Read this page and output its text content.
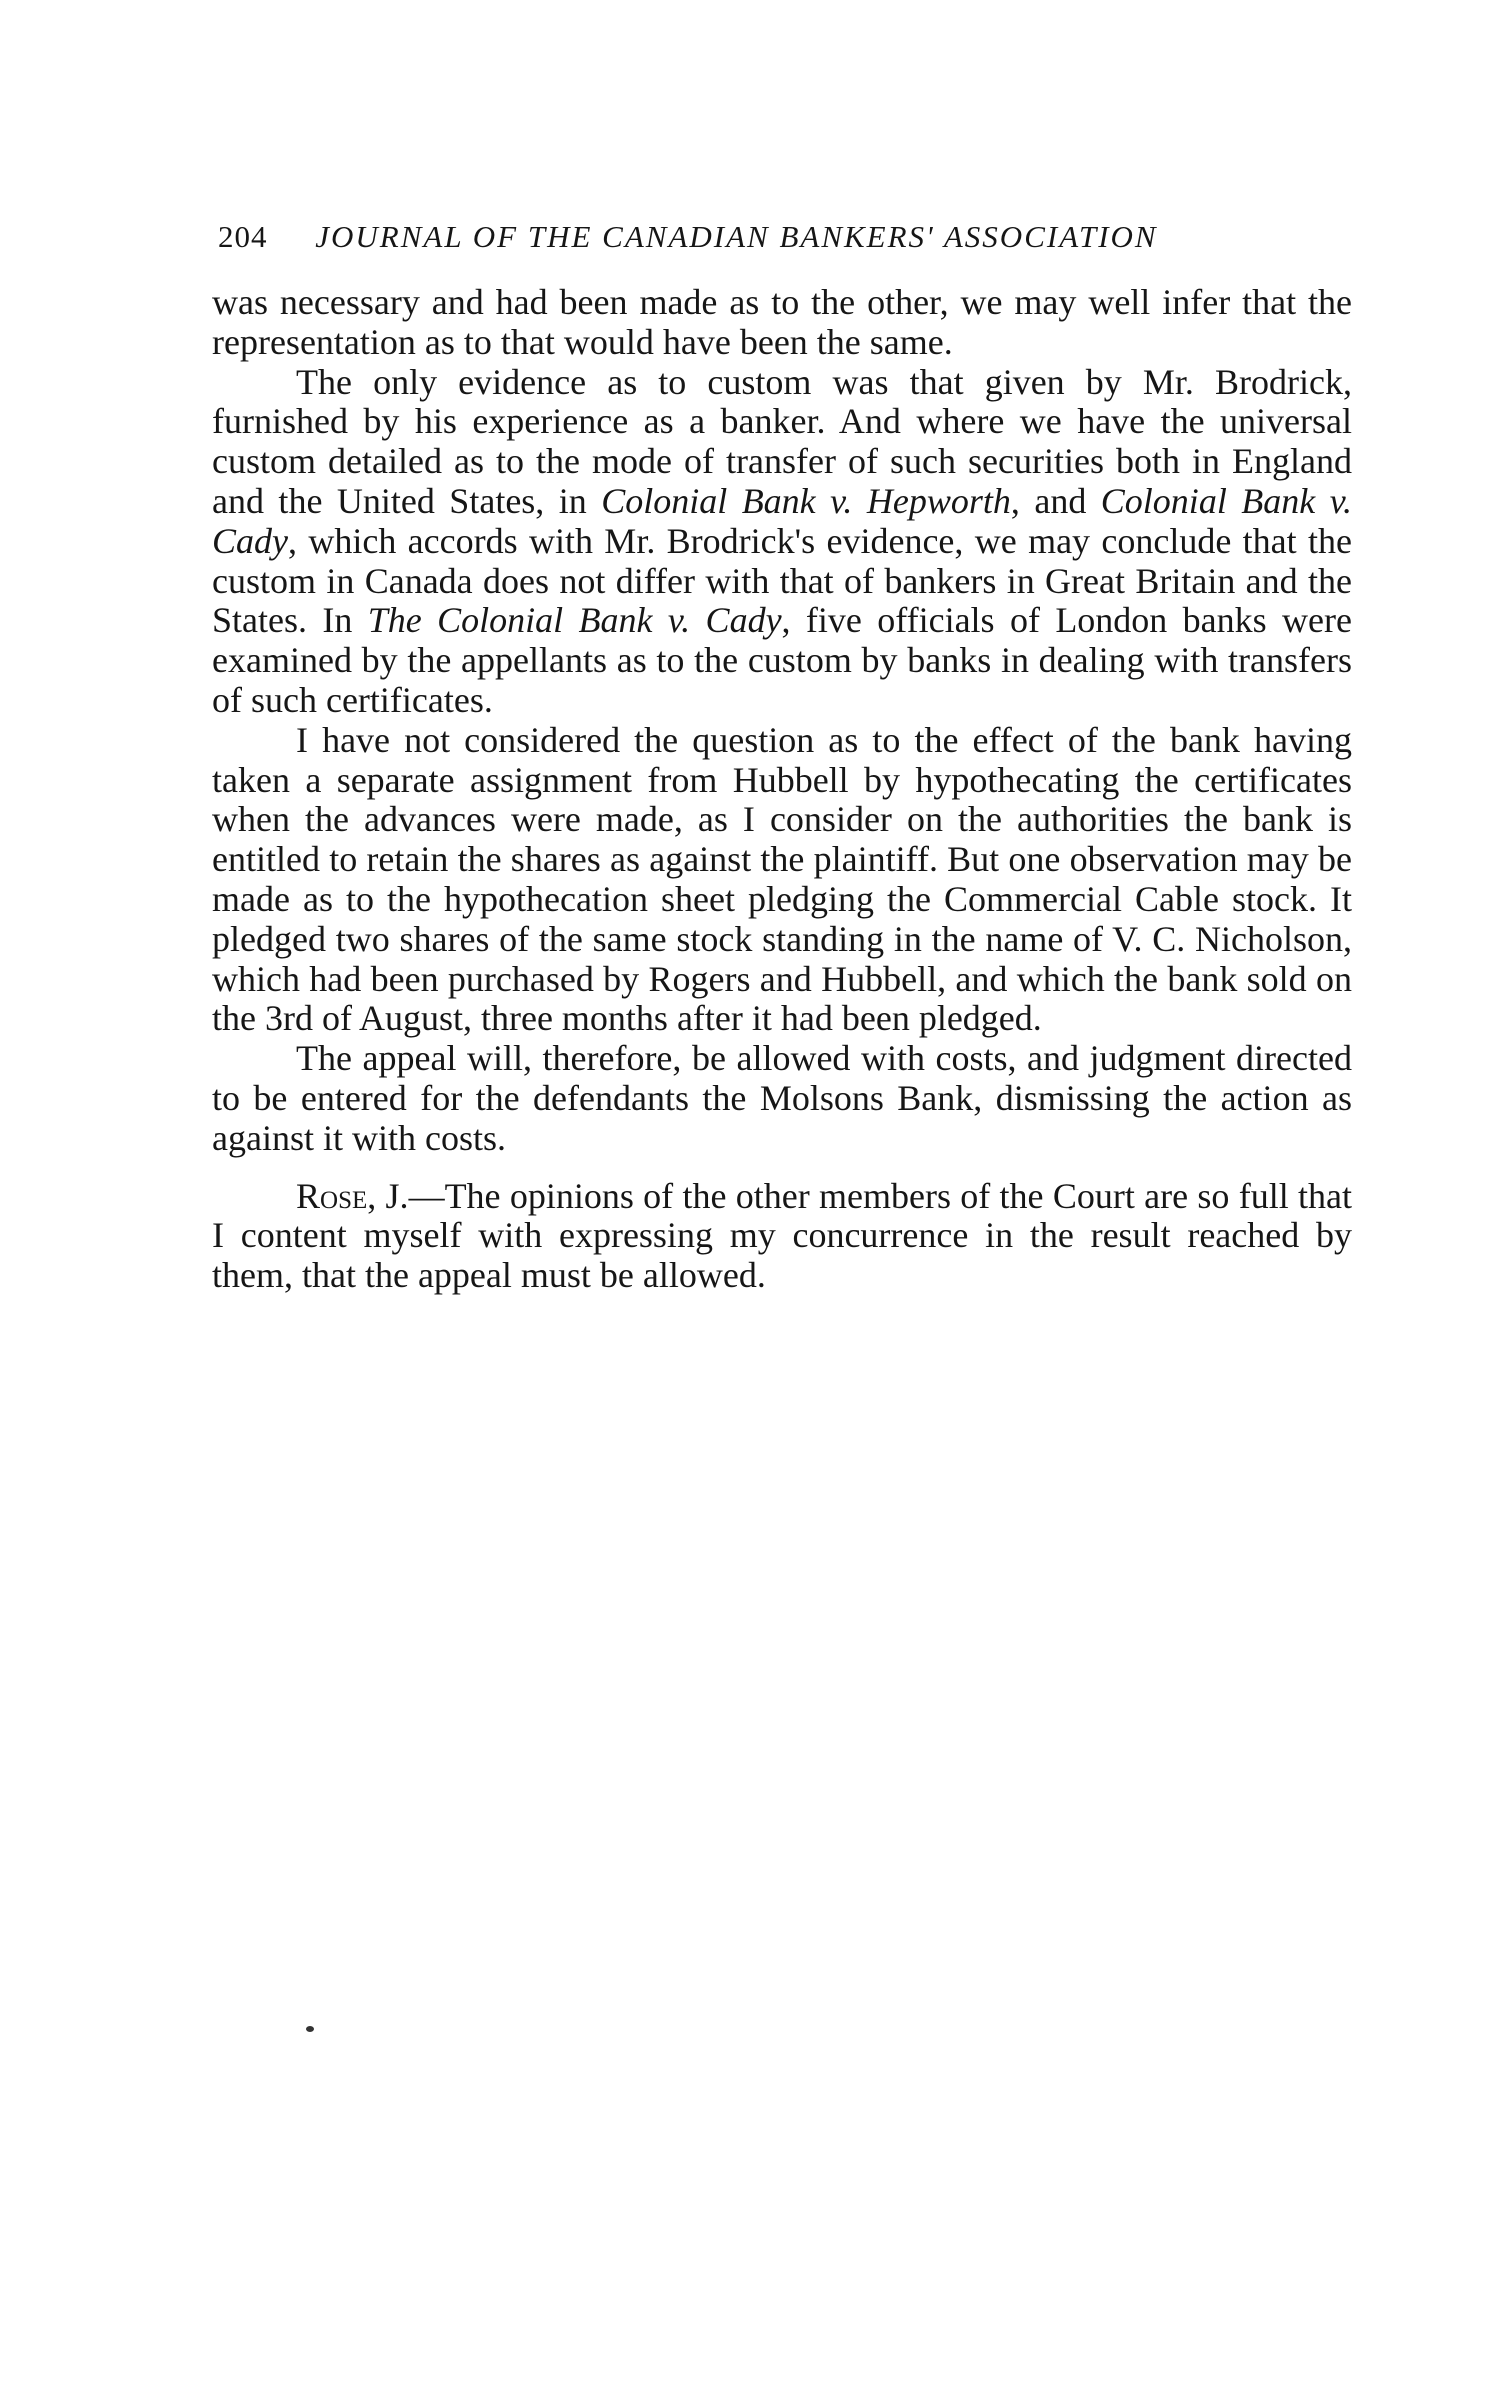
204 JOURNAL OF THE CANADIAN BANKERS' ASSOCIATION

was necessary and had been made as to the other, we may well infer that the representation as to that would have been the same.

The only evidence as to custom was that given by Mr. Brodrick, furnished by his experience as a banker. And where we have the universal custom detailed as to the mode of transfer of such securities both in England and the United States, in Colonial Bank v. Hepworth, and Colonial Bank v. Cady, which accords with Mr. Brodrick's evidence, we may conclude that the custom in Canada does not differ with that of bankers in Great Britain and the States. In The Colonial Bank v. Cady, five officials of London banks were examined by the appellants as to the custom by banks in dealing with transfers of such certificates.

I have not considered the question as to the effect of the bank having taken a separate assignment from Hubbell by hypothecating the certificates when the advances were made, as I consider on the authorities the bank is entitled to retain the shares as against the plaintiff. But one observation may be made as to the hypothecation sheet pledging the Commercial Cable stock. It pledged two shares of the same stock standing in the name of V. C. Nicholson, which had been purchased by Rogers and Hubbell, and which the bank sold on the 3rd of August, three months after it had been pledged.

The appeal will, therefore, be allowed with costs, and judgment directed to be entered for the defendants the Molsons Bank, dismissing the action as against it with costs.

Rose, J.—The opinions of the other members of the Court are so full that I content myself with expressing my concurrence in the result reached by them, that the appeal must be allowed.
